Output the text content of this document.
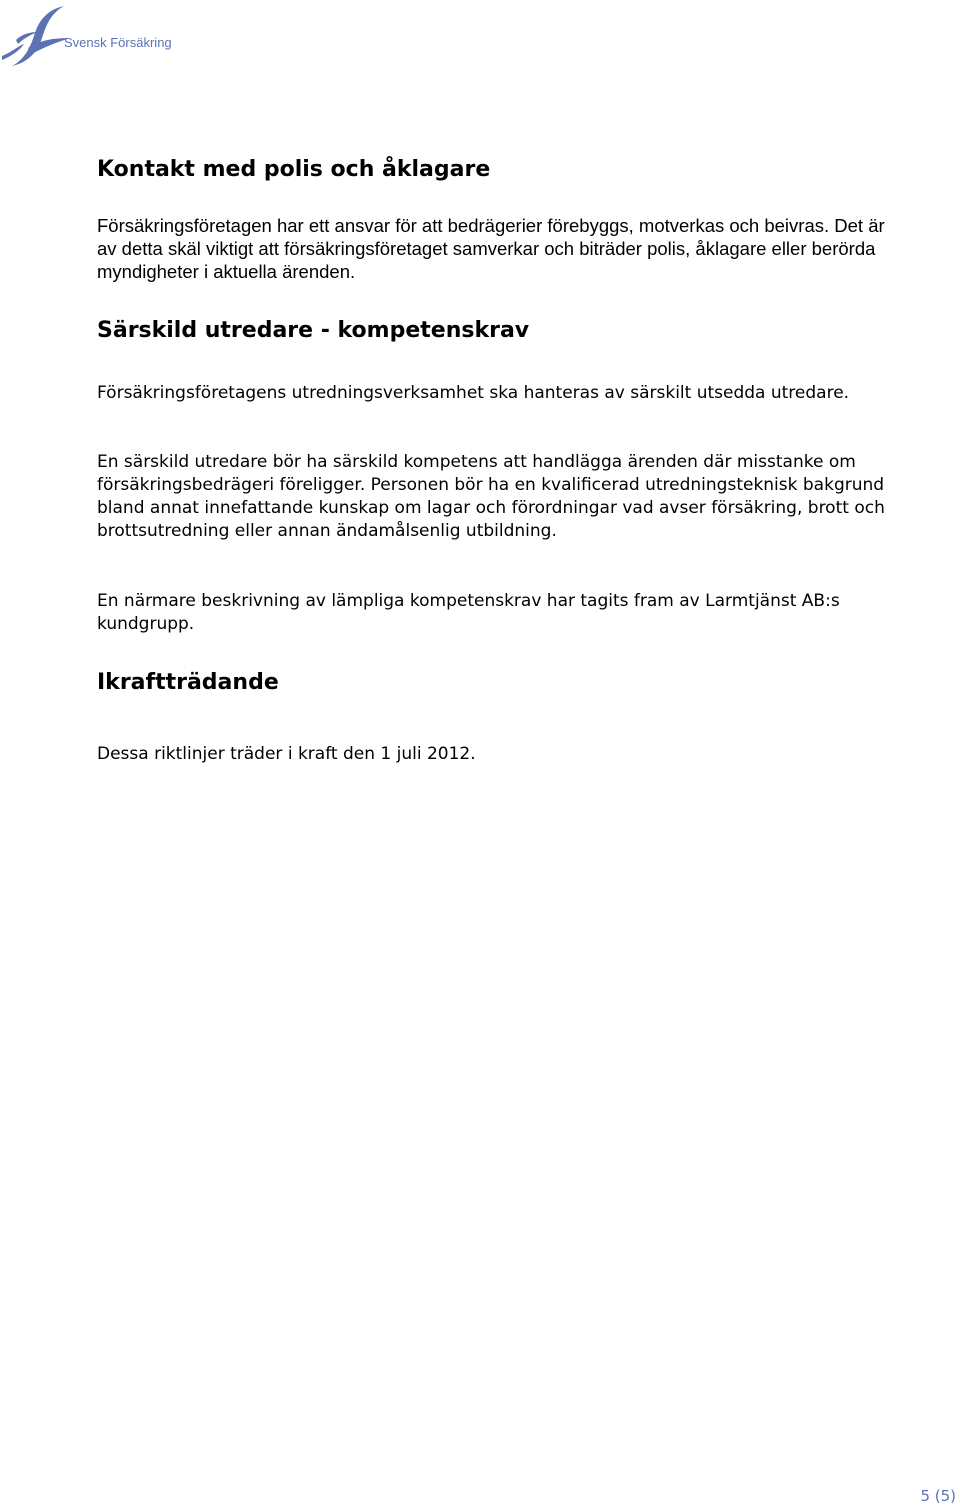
Svensk Försäkring
Kontakt med polis och åklagare

Försäkringsföretagen har ett ansvar för att bedrägerier förebyggs, motverkas och beivras. Det är av detta skäl viktigt att försäkringsföretaget samverkar och biträder polis, åklagare eller berörda myndigheter i aktuella ärenden.

Särskild utredare - kompetenskrav

Försäkringsföretagens utredningsverksamhet ska hanteras av särskilt utsedda utredare.

En särskild utredare bör ha särskild kompetens att handlägga ärenden där misstanke om försäkringsbedrägeri föreligger. Personen bör ha en kvalificerad utredningsteknisk bakgrund bland annat innefattande kunskap om lagar och förordningar vad avser försäkring, brott och brottsutredning eller annan ändamålsenlig utbildning.

En närmare beskrivning av lämpliga kompetenskrav har tagits fram av Larmtjänst AB:s kundgrupp.

Ikraftträdande

Dessa riktlinjer träder i kraft den 1 juli 2012.

5 (5)
